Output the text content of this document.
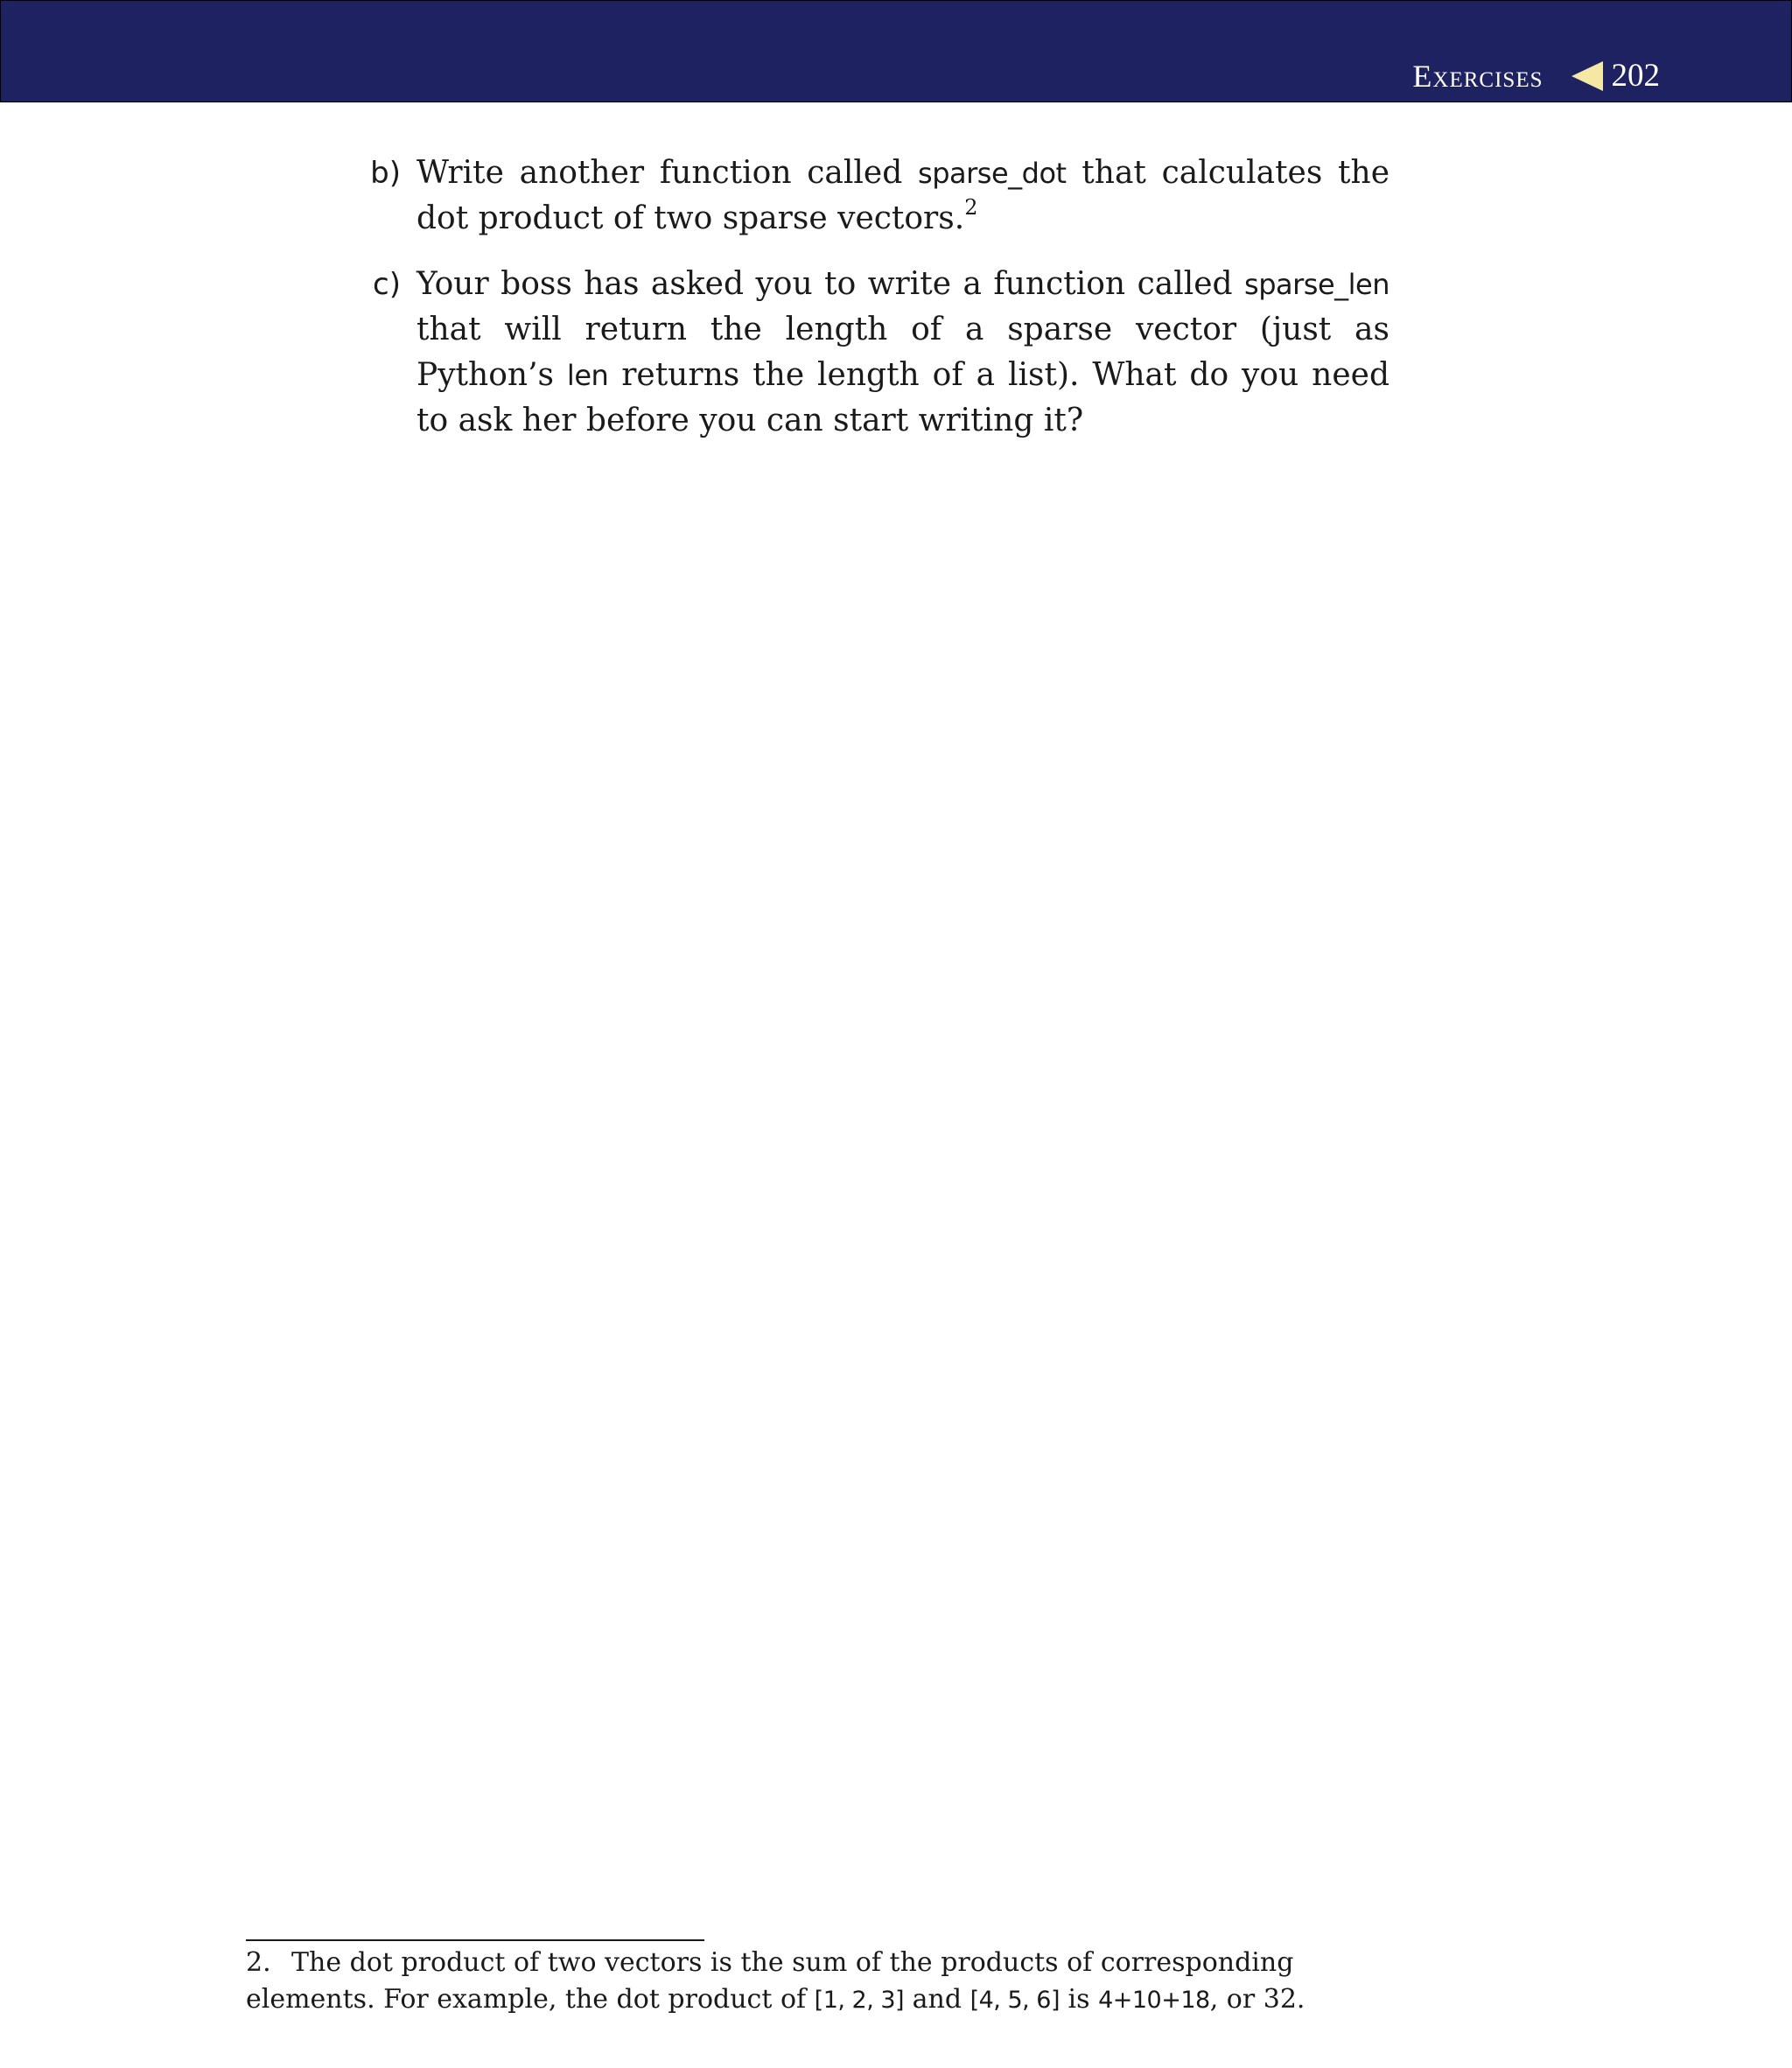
Exercises 202
b) Write another function called sparse_dot that calculates the dot product of two sparse vectors.$^2$

c) Your boss has asked you to write a function called sparse_len that will return the length of a sparse vector (just as Python’s len returns the length of a list). What do you need to ask her before you can start writing it?

2. The dot product of two vectors is the sum of the products of corresponding elements. For example, the dot product of [1, 2, 3] and [4, 5, 6] is 4+10+18, or 32.
